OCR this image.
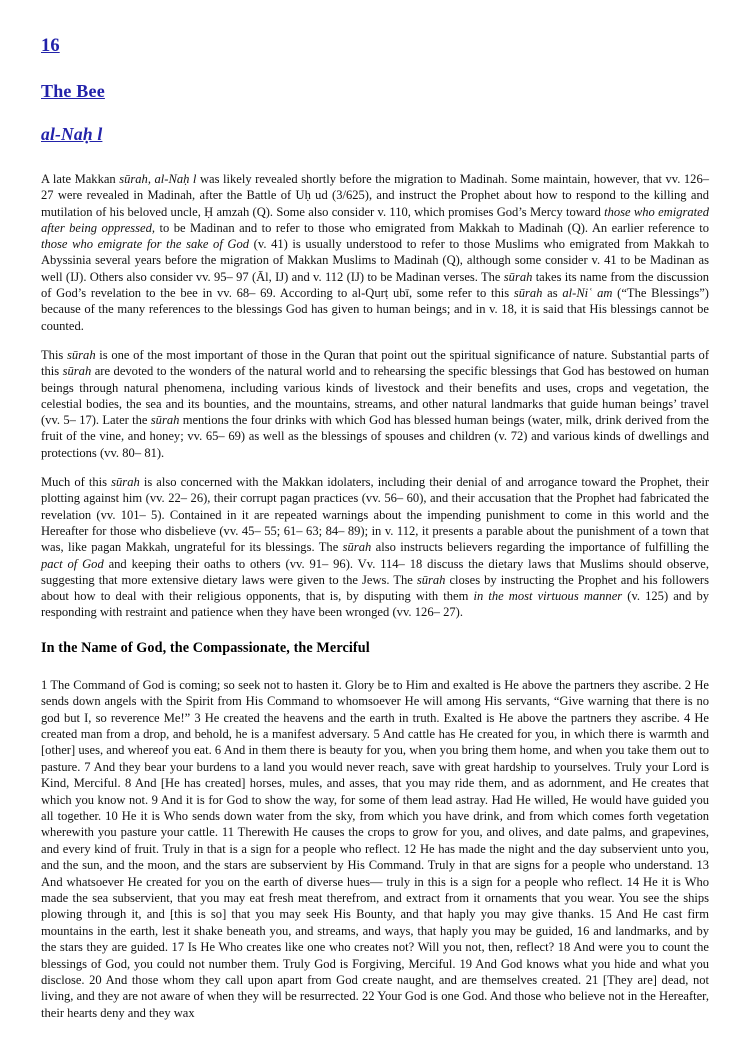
16
The Bee
al-Naḥ l

A late Makkan sūrah, al-Naḥ l was likely revealed shortly before the migration to Madinah. Some maintain, however, that vv. 126– 27 were revealed in Madinah, after the Battle of Uḥ ud (3/625), and instruct the Prophet about how to respond to the killing and mutilation of his beloved uncle, Ḥ amzah (Q). Some also consider v. 110, which promises God’s Mercy toward those who emigrated after being oppressed, to be Madinan and to refer to those who emigrated from Makkah to Madinah (Q). An earlier reference to those who emigrate for the sake of God (v. 41) is usually understood to refer to those Muslims who emigrated from Makkah to Abyssinia several years before the migration of Makkan Muslims to Madinah (Q), although some consider v. 41 to be Madinan as well (IJ). Others also consider vv. 95– 97 (Āl, IJ) and v. 112 (IJ) to be Madinan verses. The sūrah takes its name from the discussion of God’s revelation to the bee in vv. 68– 69. According to al-Qurṭ ubī, some refer to this sūrah as al-Niʿ am (“The Blessings”) because of the many references to the blessings God has given to human beings; and in v. 18, it is said that His blessings cannot be counted.

This sūrah is one of the most important of those in the Quran that point out the spiritual significance of nature. Substantial parts of this sūrah are devoted to the wonders of the natural world and to rehearsing the specific blessings that God has bestowed on human beings through natural phenomena, including various kinds of livestock and their benefits and uses, crops and vegetation, the celestial bodies, the sea and its bounties, and the mountains, streams, and other natural landmarks that guide human beings’ travel (vv. 5– 17). Later the sūrah mentions the four drinks with which God has blessed human beings (water, milk, drink derived from the fruit of the vine, and honey; vv. 65– 69) as well as the blessings of spouses and children (v. 72) and various kinds of dwellings and protections (vv. 80– 81).

Much of this sūrah is also concerned with the Makkan idolaters, including their denial of and arrogance toward the Prophet, their plotting against him (vv. 22– 26), their corrupt pagan practices (vv. 56– 60), and their accusation that the Prophet had fabricated the revelation (vv. 101– 5). Contained in it are repeated warnings about the impending punishment to come in this world and the Hereafter for those who disbelieve (vv. 45– 55; 61– 63; 84– 89); in v. 112, it presents a parable about the punishment of a town that was, like pagan Makkah, ungrateful for its blessings. The sūrah also instructs believers regarding the importance of fulfilling the pact of God and keeping their oaths to others (vv. 91– 96). Vv. 114– 18 discuss the dietary laws that Muslims should observe, suggesting that more extensive dietary laws were given to the Jews. The sūrah closes by instructing the Prophet and his followers about how to deal with their religious opponents, that is, by disputing with them in the most virtuous manner (v. 125) and by responding with restraint and patience when they have been wronged (vv. 126– 27).

In the Name of God, the Compassionate, the Merciful

1 The Command of God is coming; so seek not to hasten it. Glory be to Him and exalted is He above the partners they ascribe. 2 He sends down angels with the Spirit from His Command to whomsoever He will among His servants, “Give warning that there is no god but I, so reverence Me!” 3 He created the heavens and the earth in truth. Exalted is He above the partners they ascribe. 4 He created man from a drop, and behold, he is a manifest adversary. 5 And cattle has He created for you, in which there is warmth and [other] uses, and whereof you eat. 6 And in them there is beauty for you, when you bring them home, and when you take them out to pasture. 7 And they bear your burdens to a land you would never reach, save with great hardship to yourselves. Truly your Lord is Kind, Merciful. 8 And [He has created] horses, mules, and asses, that you may ride them, and as adornment, and He creates that which you know not. 9 And it is for God to show the way, for some of them lead astray. Had He willed, He would have guided you all together. 10 He it is Who sends down water from the sky, from which you have drink, and from which comes forth vegetation wherewith you pasture your cattle. 11 Therewith He causes the crops to grow for you, and olives, and date palms, and grapevines, and every kind of fruit. Truly in that is a sign for a people who reflect. 12 He has made the night and the day subservient unto you, and the sun, and the moon, and the stars are subservient by His Command. Truly in that are signs for a people who understand. 13 And whatsoever He created for you on the earth of diverse hues— truly in this is a sign for a people who reflect. 14 He it is Who made the sea subservient, that you may eat fresh meat therefrom, and extract from it ornaments that you wear. You see the ships plowing through it, and [this is so] that you may seek His Bounty, and that haply you may give thanks. 15 And He cast firm mountains in the earth, lest it shake beneath you, and streams, and ways, that haply you may be guided, 16 and landmarks, and by the stars they are guided. 17 Is He Who creates like one who creates not? Will you not, then, reflect? 18 And were you to count the blessings of God, you could not number them. Truly God is Forgiving, Merciful. 19 And God knows what you hide and what you disclose. 20 And those whom they call upon apart from God create naught, and are themselves created. 21 [They are] dead, not living, and they are not aware of when they will be resurrected. 22 Your God is one God. And those who believe not in the Hereafter, their hearts deny and they wax
